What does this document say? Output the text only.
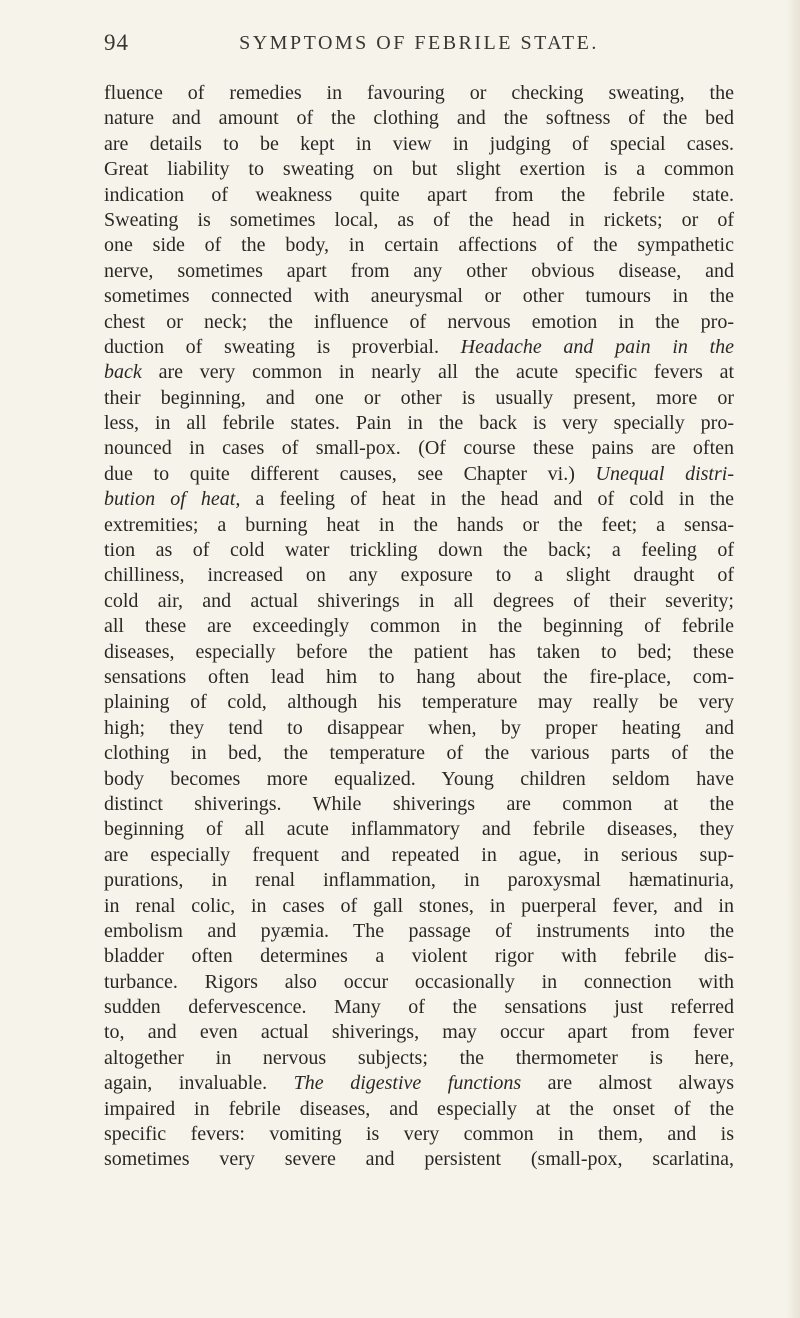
94	SYMPTOMS OF FEBRILE STATE.
fluence of remedies in favouring or checking sweating, the
nature and amount of the clothing and the softness of the bed
are details to be kept in view in judging of special cases.
Great liability to sweating on but slight exertion is a common
indication of weakness quite apart from the febrile state.
Sweating is sometimes local, as of the head in rickets; or of
one side of the body, in certain affections of the sympathetic
nerve, sometimes apart from any other obvious disease, and
sometimes connected with aneurysmal or other tumours in the
chest or neck; the influence of nervous emotion in the pro-
duction of sweating is proverbial. Headache and pain in the
back are very common in nearly all the acute specific fevers at
their beginning, and one or other is usually present, more or
less, in all febrile states. Pain in the back is very specially pro-
nounced in cases of small-pox. (Of course these pains are often
due to quite different causes, see Chapter vi.) Unequal distri-
bution of heat, a feeling of heat in the head and of cold in the
extremities; a burning heat in the hands or the feet; a sensa-
tion as of cold water trickling down the back; a feeling of
chilliness, increased on any exposure to a slight draught of
cold air, and actual shiverings in all degrees of their severity;
all these are exceedingly common in the beginning of febrile
diseases, especially before the patient has taken to bed; these
sensations often lead him to hang about the fire-place, com-
plaining of cold, although his temperature may really be very
high; they tend to disappear when, by proper heating and
clothing in bed, the temperature of the various parts of the
body becomes more equalized. Young children seldom have
distinct shiverings. While shiverings are common at the
beginning of all acute inflammatory and febrile diseases, they
are especially frequent and repeated in ague, in serious sup-
purations, in renal inflammation, in paroxysmal hæmatinuria,
in renal colic, in cases of gall stones, in puerperal fever, and in
embolism and pyæmia. The passage of instruments into the
bladder often determines a violent rigor with febrile dis-
turbance. Rigors also occur occasionally in connection with
sudden defervescence. Many of the sensations just referred
to, and even actual shiverings, may occur apart from fever
altogether in nervous subjects; the thermometer is here,
again, invaluable. The digestive functions are almost always
impaired in febrile diseases, and especially at the onset of the
specific fevers: vomiting is very common in them, and is
sometimes very severe and persistent (small-pox, scarlatina,
